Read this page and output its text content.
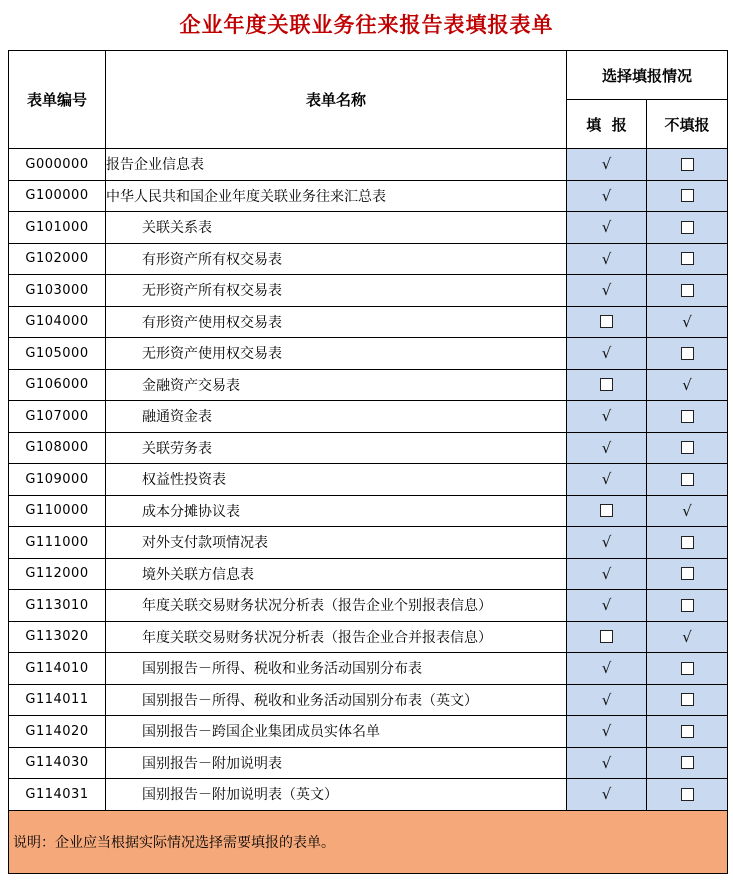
企业年度关联业务往来报告表填报表单
表单编号	表单名称	选择填报情况	
		填  报	不填报
G000000	报告企业信息表	√	
G100000	中华人民共和国企业年度关联业务往来汇总表	√	
G101000	关联关系表	√	
G102000	有形资产所有权交易表	√	
G103000	无形资产所有权交易表	√	
G104000	有形资产使用权交易表		√
G105000	无形资产使用权交易表	√	
G106000	金融资产交易表		√
G107000	融通资金表	√	
G108000	关联劳务表	√	
G109000	权益性投资表	√	
G110000	成本分摊协议表		√
G111000	对外支付款项情况表	√	
G112000	境外关联方信息表	√	
G113010	年度关联交易财务状况分析表（报告企业个别报表信息）	√	
G113020	年度关联交易财务状况分析表（报告企业合并报表信息）		√
G114010	国别报告－所得、税收和业务活动国别分布表	√	
G114011	国别报告－所得、税收和业务活动国别分布表（英文）	√	
G114020	国别报告－跨国企业集团成员实体名单	√	
G114030	国别报告－附加说明表	√	
G114031	国别报告－附加说明表（英文）	√	
说明：企业应当根据实际情况选择需要填报的表单。			
